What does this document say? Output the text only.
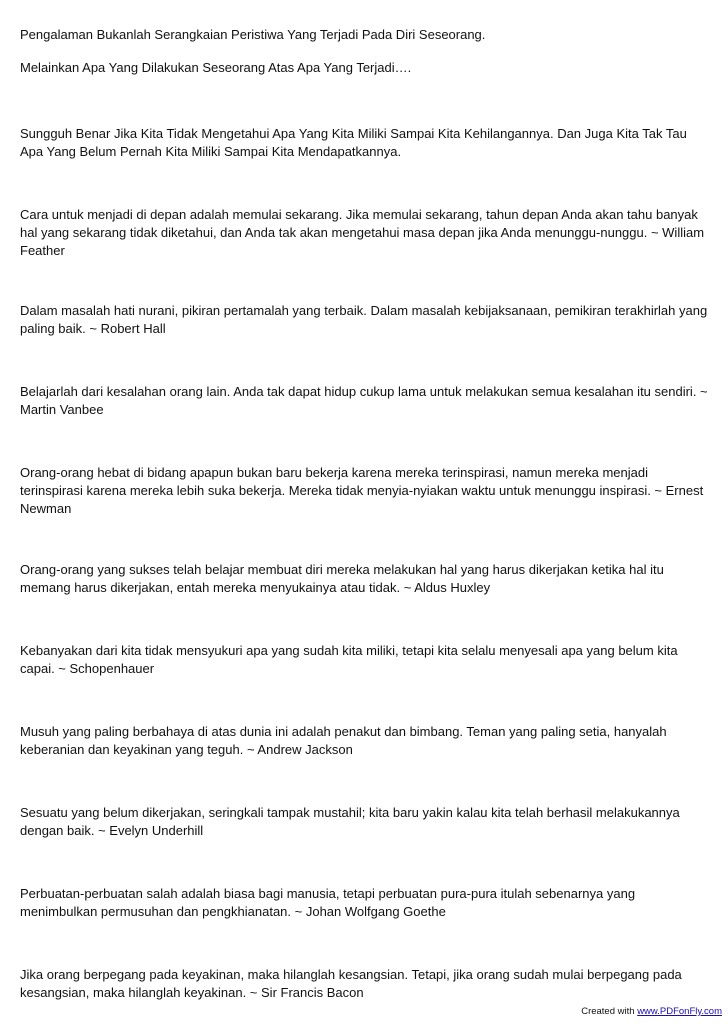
Pengalaman Bukanlah Serangkaian Peristiwa Yang Terjadi Pada Diri Seseorang.

Melainkan Apa Yang Dilakukan Seseorang Atas Apa Yang Terjadi….

Sungguh Benar Jika Kita Tidak Mengetahui Apa Yang Kita Miliki Sampai Kita Kehilangannya. Dan Juga Kita Tak Tau Apa Yang Belum Pernah Kita Miliki Sampai Kita Mendapatkannya.

Cara untuk menjadi di depan adalah memulai sekarang. Jika memulai sekarang, tahun depan Anda akan tahu banyak hal yang sekarang tidak diketahui, dan Anda tak akan mengetahui masa depan jika Anda menunggu-nunggu. ~ William Feather

Dalam masalah hati nurani, pikiran pertamalah yang terbaik. Dalam masalah kebijaksanaan, pemikiran terakhirlah yang paling baik. ~ Robert Hall

Belajarlah dari kesalahan orang lain. Anda tak dapat hidup cukup lama untuk melakukan semua kesalahan itu sendiri. ~ Martin Vanbee

Orang-orang hebat di bidang apapun bukan baru bekerja karena mereka terinspirasi, namun mereka menjadi terinspirasi karena mereka lebih suka bekerja. Mereka tidak menyia-nyiakan waktu untuk menunggu inspirasi. ~ Ernest Newman

Orang-orang yang sukses telah belajar membuat diri mereka melakukan hal yang harus dikerjakan ketika hal itu memang harus dikerjakan, entah mereka menyukainya atau tidak. ~ Aldus Huxley

Kebanyakan dari kita tidak mensyukuri apa yang sudah kita miliki, tetapi kita selalu menyesali apa yang belum kita capai. ~ Schopenhauer

Musuh yang paling berbahaya di atas dunia ini adalah penakut dan bimbang. Teman yang paling setia, hanyalah keberanian dan keyakinan yang teguh. ~ Andrew Jackson

Sesuatu yang belum dikerjakan, seringkali tampak mustahil; kita baru yakin kalau kita telah berhasil melakukannya dengan baik. ~ Evelyn Underhill

Perbuatan-perbuatan salah adalah biasa bagi manusia, tetapi perbuatan pura-pura itulah sebenarnya yang menimbulkan permusuhan dan pengkhianatan. ~ Johan Wolfgang Goethe

Jika orang berpegang pada keyakinan, maka hilanglah kesangsian. Tetapi, jika orang sudah mulai berpegang pada kesangsian, maka hilanglah keyakinan. ~ Sir Francis Bacon

Created with www.PDFonFly.com
